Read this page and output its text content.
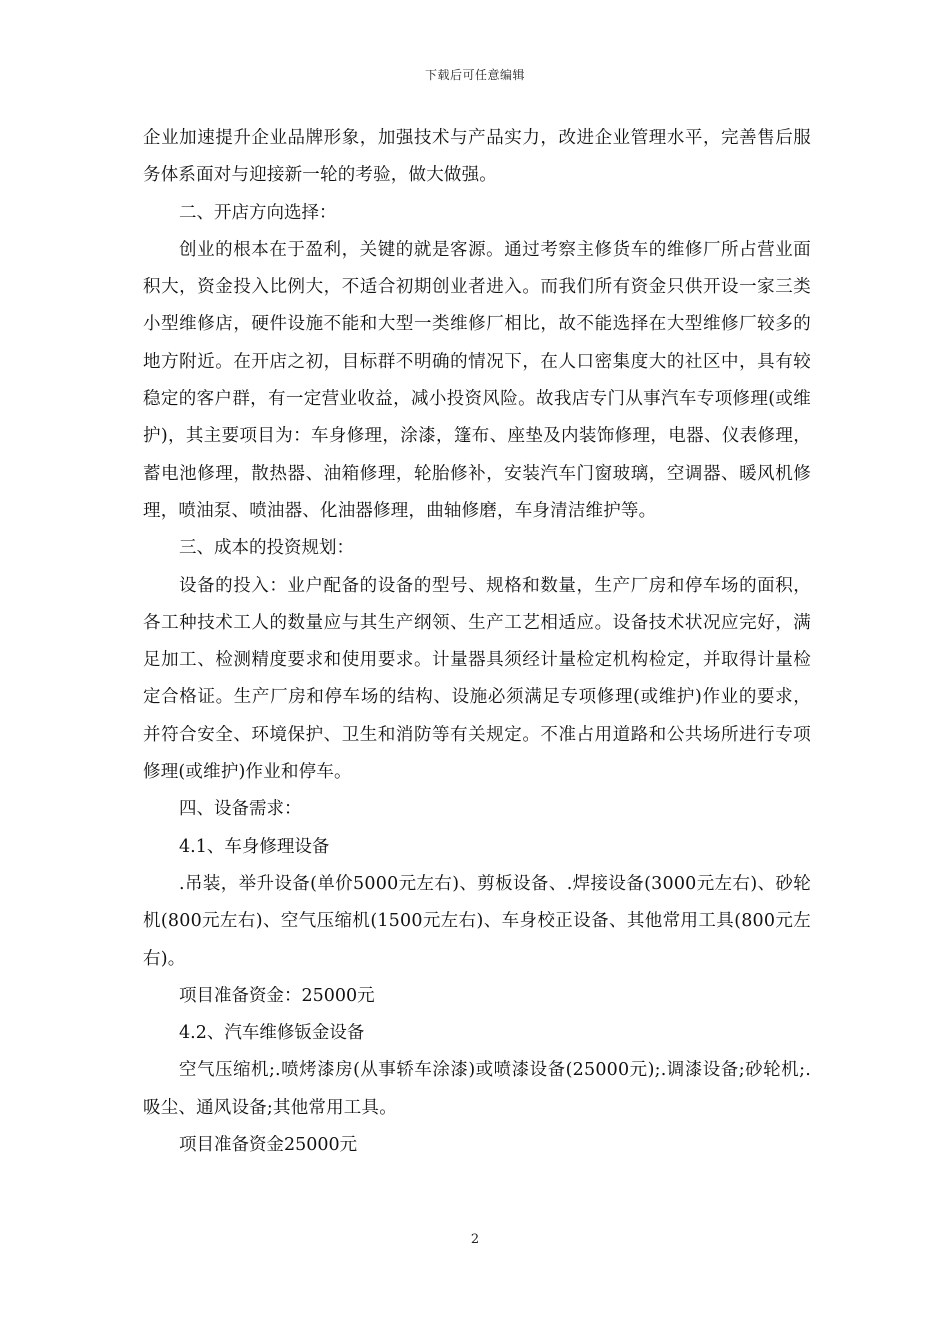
下载后可任意编辑

企业加速提升企业品牌形象，加强技术与产品实力，改进企业管理水平，完善售后服务体系面对与迎接新一轮的考验，做大做强。

二、开店方向选择：

创业的根本在于盈利，关键的就是客源。通过考察主修货车的维修厂所占营业面积大，资金投入比例大，不适合初期创业者进入。而我们所有资金只供开设一家三类小型维修店，硬件设施不能和大型一类维修厂相比，故不能选择在大型维修厂较多的地方附近。在开店之初，目标群不明确的情况下，在人口密集度大的社区中，具有较稳定的客户群，有一定营业收益，减小投资风险。故我店专门从事汽车专项修理(或维护)，其主要项目为：车身修理，涂漆，篷布、座垫及内装饰修理，电器、仪表修理，蓄电池修理，散热器、油箱修理，轮胎修补，安装汽车门窗玻璃，空调器、暖风机修理，喷油泵、喷油器、化油器修理，曲轴修磨，车身清洁维护等。

三、成本的投资规划：

设备的投入：业户配备的设备的型号、规格和数量，生产厂房和停车场的面积，各工种技术工人的数量应与其生产纲领、生产工艺相适应。设备技术状况应完好，满足加工、检测精度要求和使用要求。计量器具须经计量检定机构检定，并取得计量检定合格证。生产厂房和停车场的结构、设施必须满足专项修理(或维护)作业的要求，并符合安全、环境保护、卫生和消防等有关规定。不准占用道路和公共场所进行专项修理(或维护)作业和停车。

四、设备需求：

4.1、车身修理设备

.吊装，举升设备(单价5000元左右)、剪板设备、.焊接设备(3000元左右)、砂轮机(800元左右)、空气压缩机(1500元左右)、车身校正设备、其他常用工具(800元左右)。

项目准备资金：25000元

4.2、汽车维修钣金设备

空气压缩机;.喷烤漆房(从事轿车涂漆)或喷漆设备(25000元);.调漆设备;砂轮机;.吸尘、通风设备;其他常用工具。

项目准备资金25000元

2
